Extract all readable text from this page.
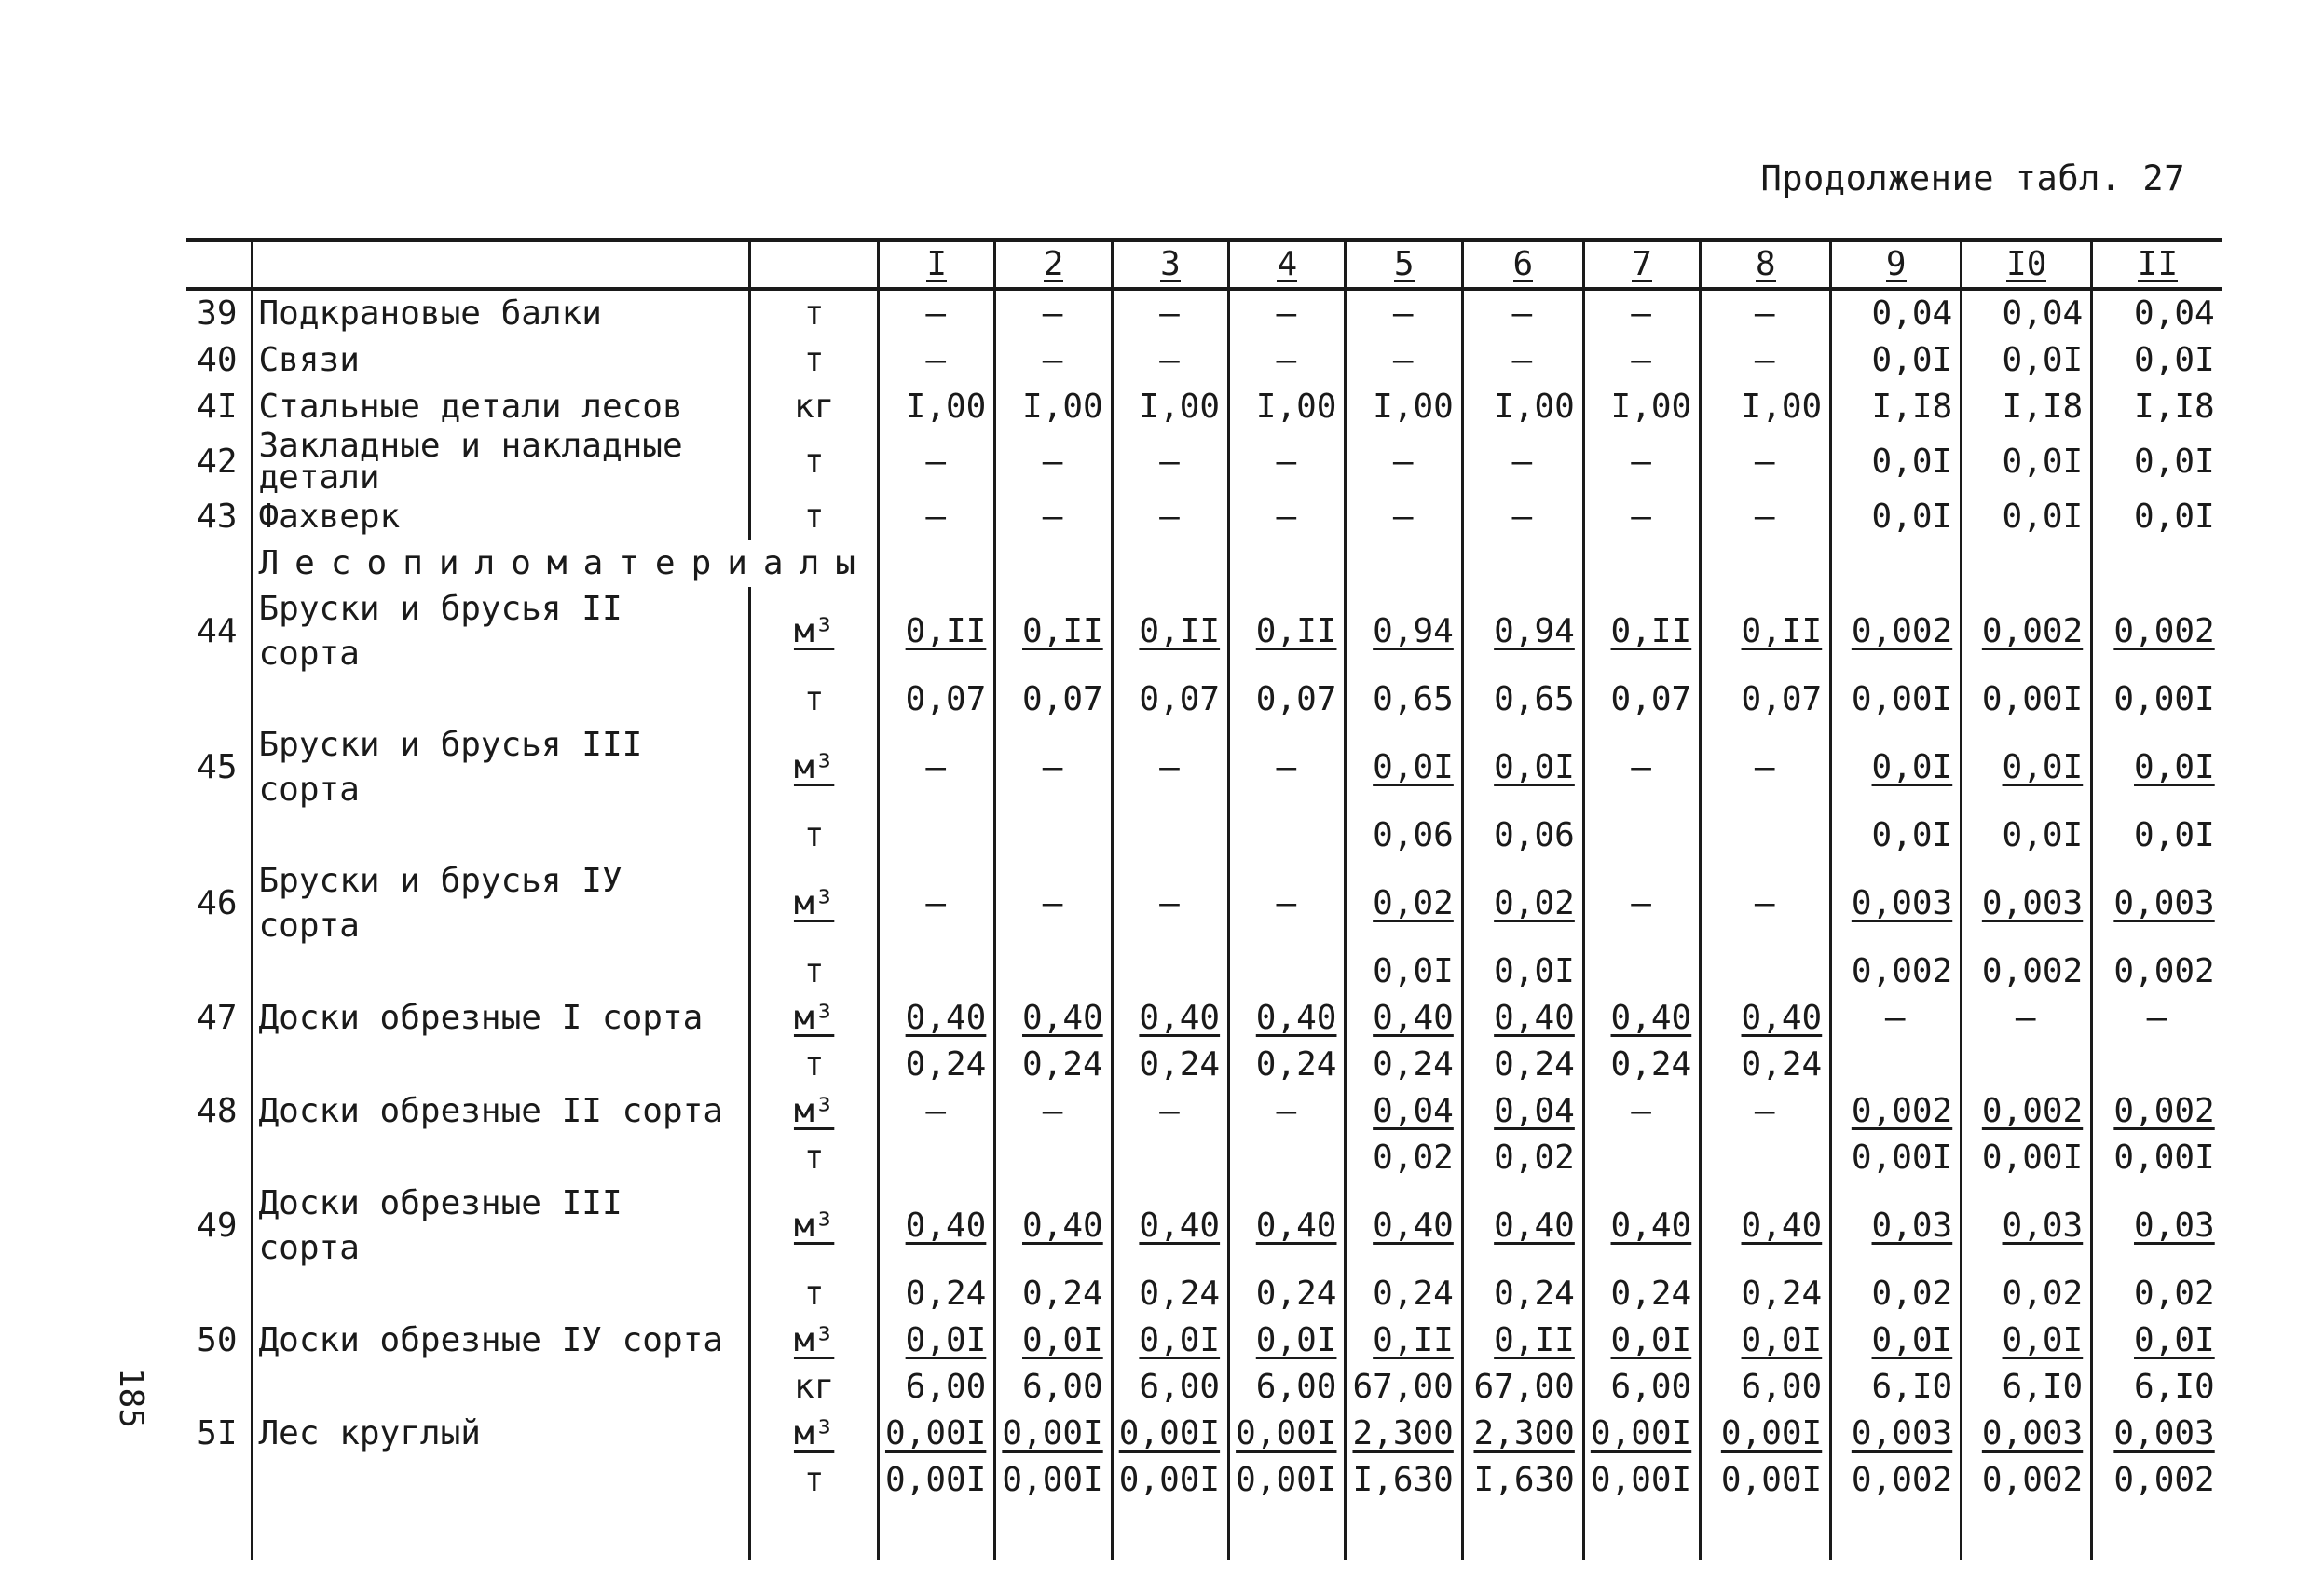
Продолжение табл. 27
			I	2	3	4	5	6	7	8	9	I0	II
39	Подкрановые балки	т	–	–	–	–	–	–	–	–	0,04	0,04	0,04
40	Связи	т	–	–	–	–	–	–	–	–	0,0I	0,0I	0,0I
4I	Стальные детали лесов	кг	I,00	I,00	I,00	I,00	I,00	I,00	I,00	I,00	I,I8	I,I8	I,I8
42	Закладные и накладные детали	т	–	–	–	–	–	–	–	–	0,0I	0,0I	0,0I
43	Фахверк	т	–	–	–	–	–	–	–	–	0,0I	0,0I	0,0I
	Лесопиломатериалы												
44	Бруски и брусья II сорта	м³	0,II	0,II	0,II	0,II	0,94	0,94	0,II	0,II	0,002	0,002	0,002
		т	0,07	0,07	0,07	0,07	0,65	0,65	0,07	0,07	0,00I	0,00I	0,00I
45	Бруски и брусья III сорта	м³	–	–	–	–	0,0I	0,0I	–	–	0,0I	0,0I	0,0I
		т					0,06	0,06			0,0I	0,0I	0,0I
46	Бруски и брусья IУ сорта	м³	–	–	–	–	0,02	0,02	–	–	0,003	0,003	0,003
		т					0,0I	0,0I			0,002	0,002	0,002
47	Доски обрезные I сорта	м³	0,40	0,40	0,40	0,40	0,40	0,40	0,40	0,40	–	–	–
		т	0,24	0,24	0,24	0,24	0,24	0,24	0,24	0,24			
48	Доски обрезные II сорта	м³	–	–	–	–	0,04	0,04	–	–	0,002	0,002	0,002
		т					0,02	0,02			0,00I	0,00I	0,00I
49	Доски обрезные III сорта	м³	0,40	0,40	0,40	0,40	0,40	0,40	0,40	0,40	0,03	0,03	0,03
		т	0,24	0,24	0,24	0,24	0,24	0,24	0,24	0,24	0,02	0,02	0,02
50	Доски обрезные IУ сорта	м³	0,0I	0,0I	0,0I	0,0I	0,II	0,II	0,0I	0,0I	0,0I	0,0I	0,0I
		кг	6,00	6,00	6,00	6,00	67,00	67,00	6,00	6,00	6,I0	6,I0	6,I0
5I	Лес круглый	м³	0,00I	0,00I	0,00I	0,00I	2,300	2,300	0,00I	0,00I	0,003	0,003	0,003
		т	0,00I	0,00I	0,00I	0,00I	I,630	I,630	0,00I	0,00I	0,002	0,002	0,002

185
